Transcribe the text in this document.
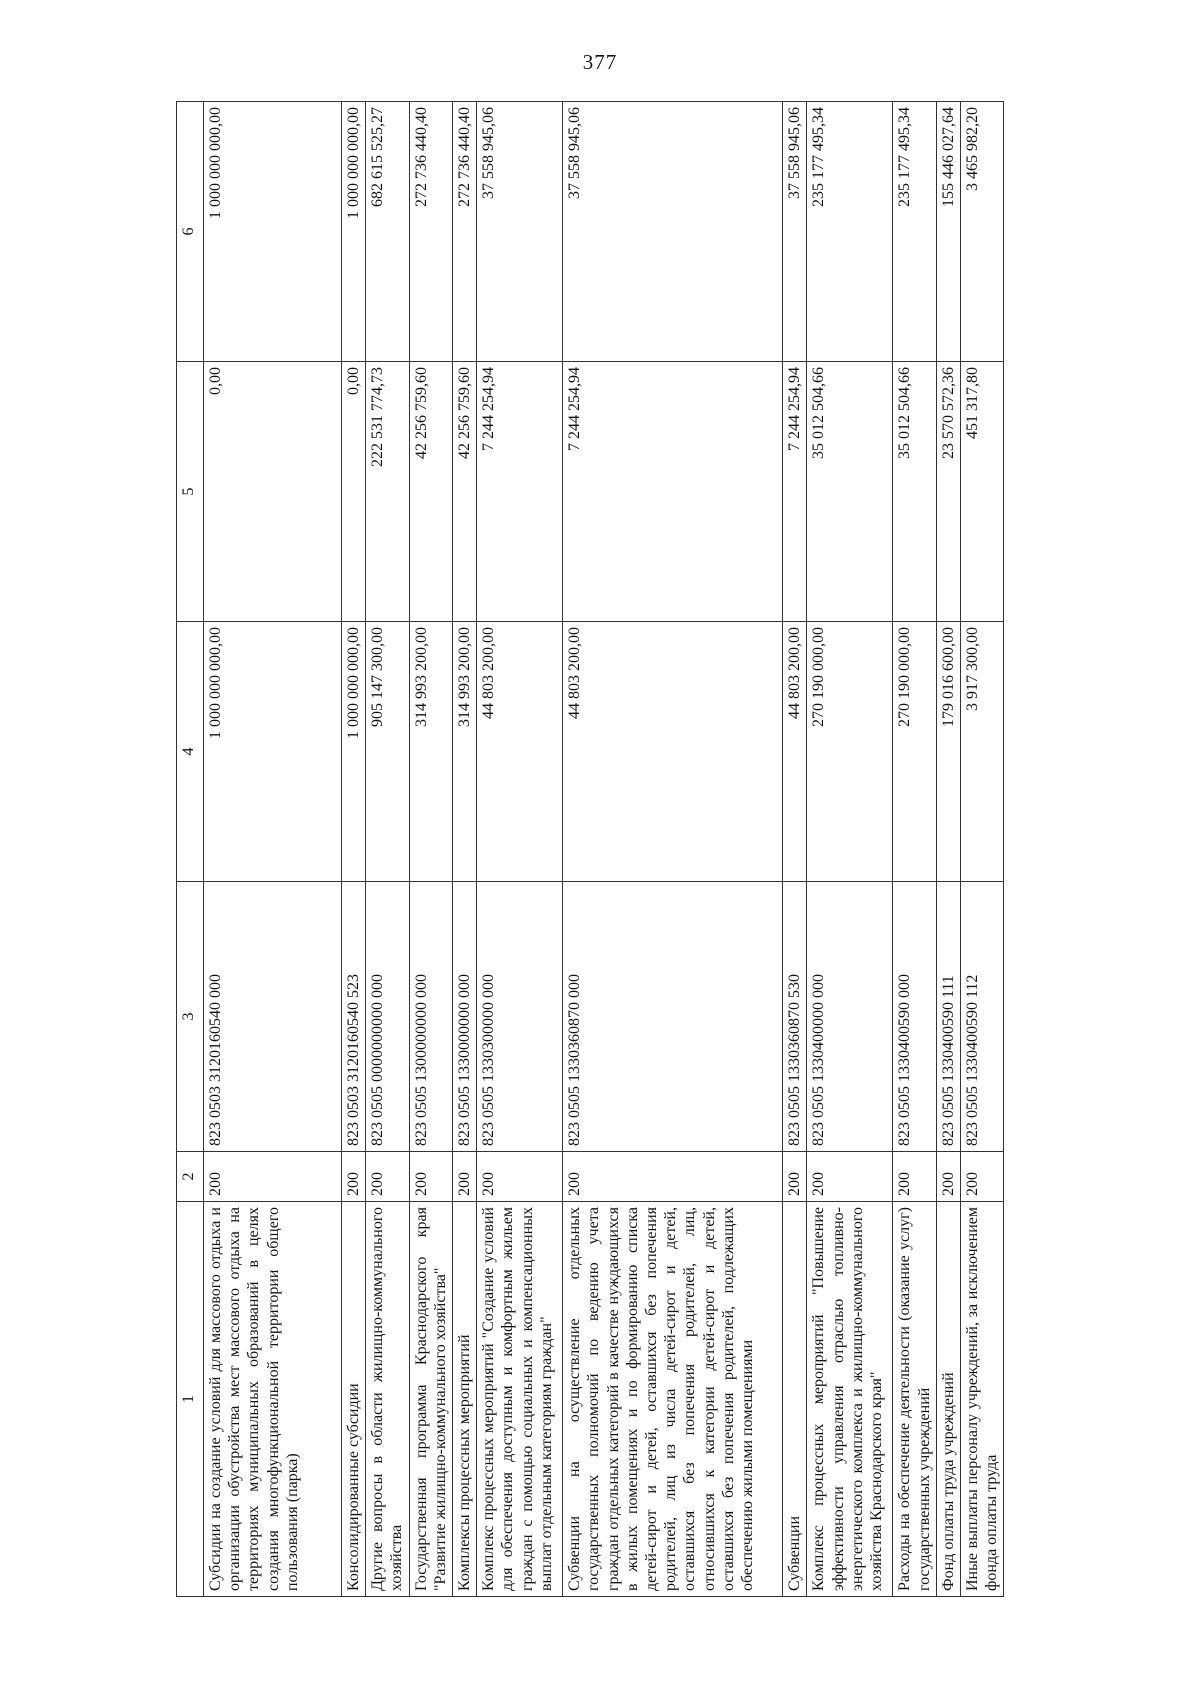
377
1	2	3	4	5	6
Субсидии на создание условий для массового отдыха и организации обустройства мест массового отдыха на территориях муниципальных образований в целях создания многофункциональной территории общего пользования (парка)	200	823 0503 3120160540 000	1 000 000 000,00	0,00	1 000 000 000,00
Консолидированные субсидии	200	823 0503 3120160540 523	1 000 000 000,00	0,00	1 000 000 000,00
Другие вопросы в области жилищно-коммунального хозяйства	200	823 0505 0000000000 000	905 147 300,00	222 531 774,73	682 615 525,27
Государственная программа Краснодарского края "Развитие жилищно-коммунального хозяйства"	200	823 0505 1300000000 000	314 993 200,00	42 256 759,60	272 736 440,40
Комплексы процессных мероприятий	200	823 0505 1330000000 000	314 993 200,00	42 256 759,60	272 736 440,40
Комплекс процессных мероприятий "Создание условий для обеспечения доступным и комфортным жильем граждан с помощью социальных и компенсационных выплат отдельным категориям граждан"	200	823 0505 1330300000 000	44 803 200,00	7 244 254,94	37 558 945,06
Субвенции на осуществление отдельных государственных полномочий по ведению учета граждан отдельных категорий в качестве нуждающихся в жилых помещениях и по формированию списка детей-сирот и детей, оставшихся без попечения родителей, лиц из числа детей-сирот и детей, оставшихся без попечения родителей, лиц, относившихся к категории детей-сирот и детей, оставшихся без попечения родителей, подлежащих обеспечению жилыми помещениями	200	823 0505 1330360870 000	44 803 200,00	7 244 254,94	37 558 945,06
Субвенции	200	823 0505 1330360870 530	44 803 200,00	7 244 254,94	37 558 945,06
Комплекс процессных мероприятий "Повышение эффективности управления отраслью топливно-энергетического комплекса и жилищно-коммунального хозяйства Краснодарского края"	200	823 0505 1330400000 000	270 190 000,00	35 012 504,66	235 177 495,34
Расходы на обеспечение деятельности (оказание услуг) государственных учреждений	200	823 0505 1330400590 000	270 190 000,00	35 012 504,66	235 177 495,34
Фонд оплаты труда учреждений	200	823 0505 1330400590 111	179 016 600,00	23 570 572,36	155 446 027,64
Иные выплаты персоналу учреждений, за исключением фонда оплаты труда	200	823 0505 1330400590 112	3 917 300,00	451 317,80	3 465 982,20
